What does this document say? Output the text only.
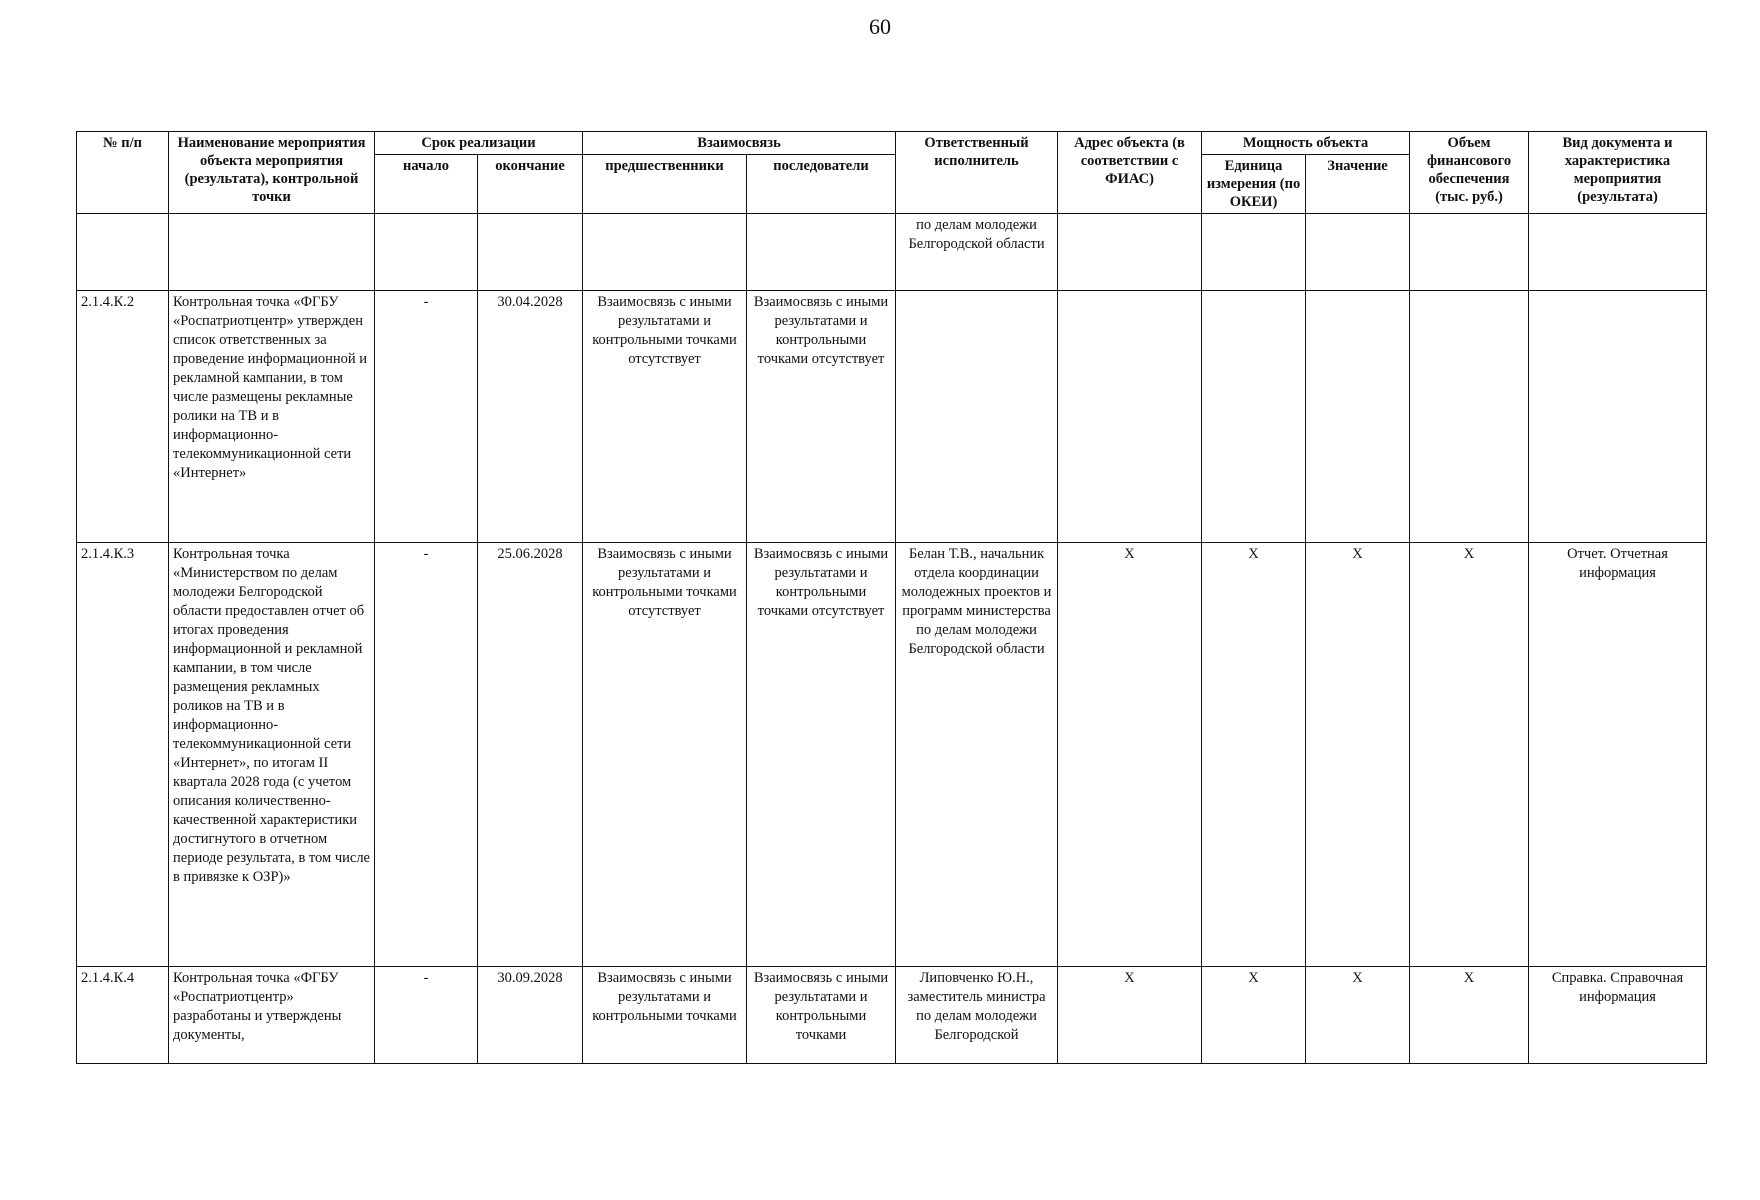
60
№ п/п	Наименование мероприятия объекта мероприятия (результата), контрольной точки	Срок реализации		Взаимосвязь		Ответственный исполнитель	Адрес объекта (в соответствии с ФИАС)	Мощность объекта		Объем финансового обеспечения (тыс. руб.)	Вид документа и характеристика мероприятия (результата)
		начало	окончание	предшественники	последователи			Единица измерения (по ОКЕИ)	Значение		
						по делам молодежи Белгородской области					
2.1.4.К.2	Контрольная точка «ФГБУ «Роспатриотцентр» утвержден список ответственных за проведение информационной и рекламной кампании, в том числе размещены рекламные ролики на ТВ и в информационно-телекоммуникационной сети «Интернет»	-	30.04.2028	Взаимосвязь с иными результатами и контрольными точками отсутствует	Взаимосвязь с иными результатами и контрольными точками отсутствует						
2.1.4.К.3	Контрольная точка «Министерством по делам молодежи Белгородской области предоставлен отчет об итогах проведения информационной и рекламной кампании, в том числе размещения рекламных роликов на ТВ и в информационно-телекоммуникационной сети «Интернет», по итогам II квартала 2028 года (с учетом описания количественно-качественной характеристики достигнутого в отчетном периоде результата, в том числе в привязке к ОЗР)»	-	25.06.2028	Взаимосвязь с иными результатами и контрольными точками отсутствует	Взаимосвязь с иными результатами и контрольными точками отсутствует	Белан Т.В., начальник отдела координации молодежных проектов и программ министерства по делам молодежи Белгородской области	X	X	X	X	Отчет. Отчетная информация
2.1.4.К.4	Контрольная точка «ФГБУ «Роспатриотцентр» разработаны и утверждены документы,	-	30.09.2028	Взаимосвязь с иными результатами и контрольными точками	Взаимосвязь с иными результатами и контрольными точками	Липовченко Ю.Н., заместитель министра по делам молодежи Белгородской	X	X	X	X	Справка. Справочная информация
